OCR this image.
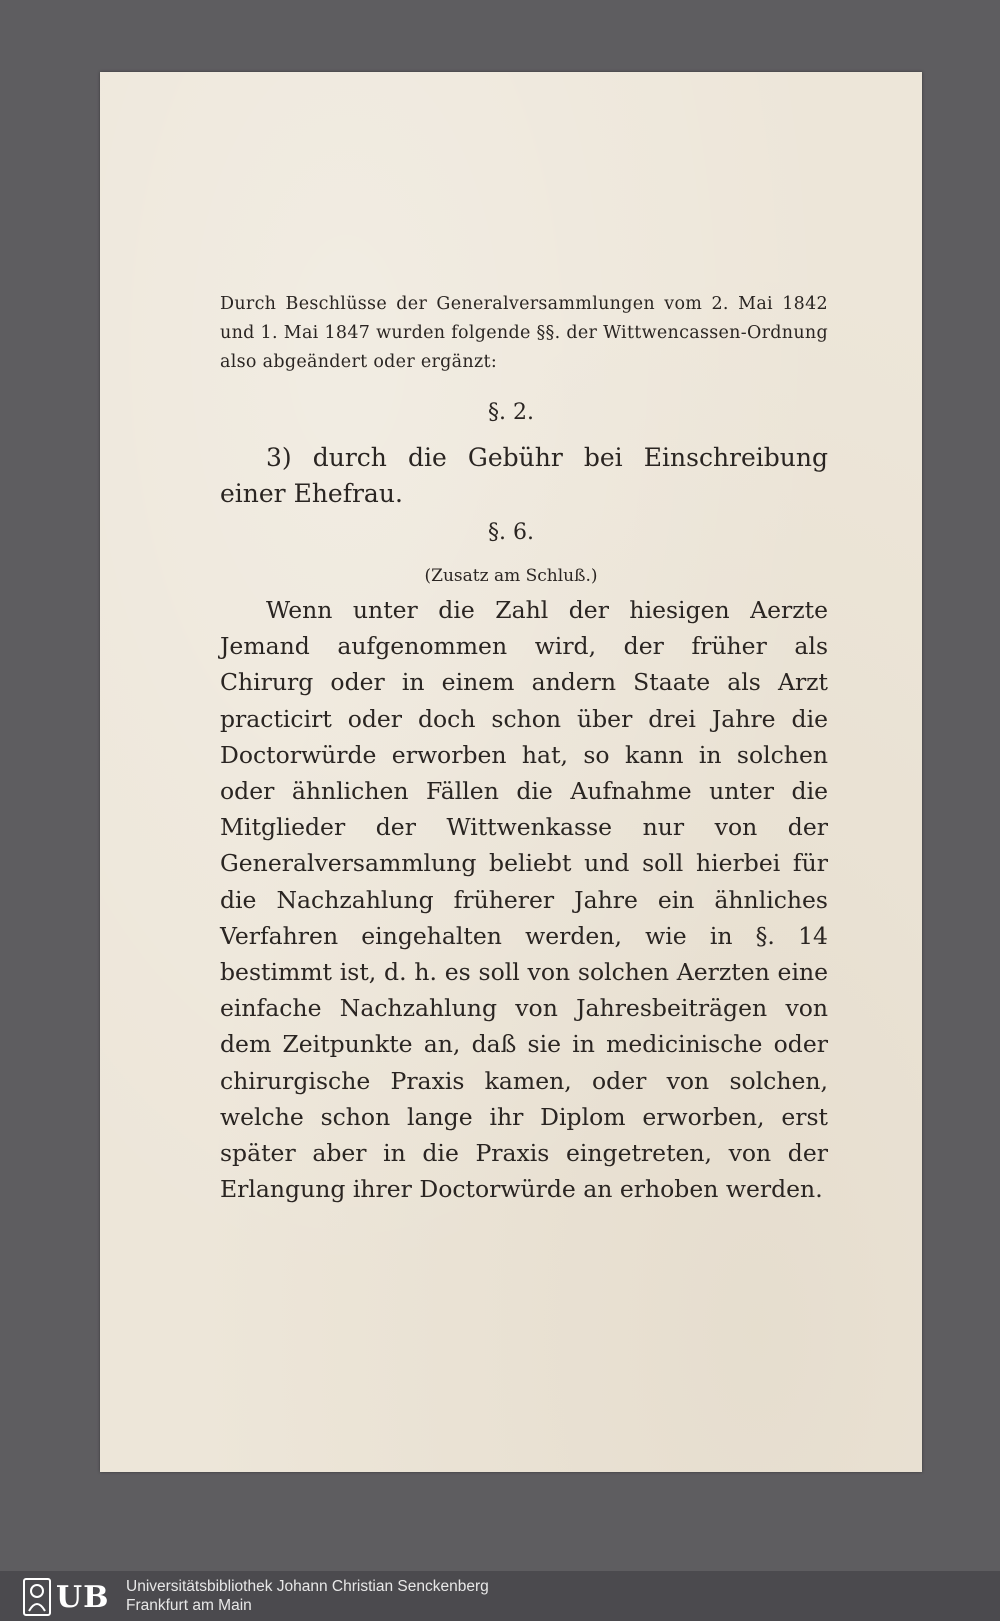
Durch Beschlüsse der Generalversammlungen vom 2. Mai 1842 und 1. Mai 1847 wurden folgende §§. der Wittwencassen-Ordnung also abgeändert oder ergänzt:
§. 2.
3) durch die Gebühr bei Einschreibung einer Ehefrau.
§. 6.
(Zusatz am Schluß.)
Wenn unter die Zahl der hiesigen Aerzte Jemand aufgenommen wird, der früher als Chirurg oder in einem andern Staate als Arzt practicirt oder doch schon über drei Jahre die Doctorwürde erworben hat, so kann in solchen oder ähnlichen Fällen die Aufnahme unter die Mitglieder der Wittwenkasse nur von der Generalversammlung beliebt und soll hierbei für die Nachzahlung früherer Jahre ein ähnliches Verfahren eingehalten werden, wie in §. 14 bestimmt ist, d. h. es soll von solchen Aerzten eine einfache Nachzahlung von Jahresbeiträgen von dem Zeitpunkte an, daß sie in medicinische oder chirurgische Praxis kamen, oder von solchen, welche schon lange ihr Diplom erworben, erst später aber in die Praxis eingetreten, von der Erlangung ihrer Doctorwürde an erhoben werden.
UB Universitätsbibliothek Johann Christian Senckenberg
Frankfurt am Main
